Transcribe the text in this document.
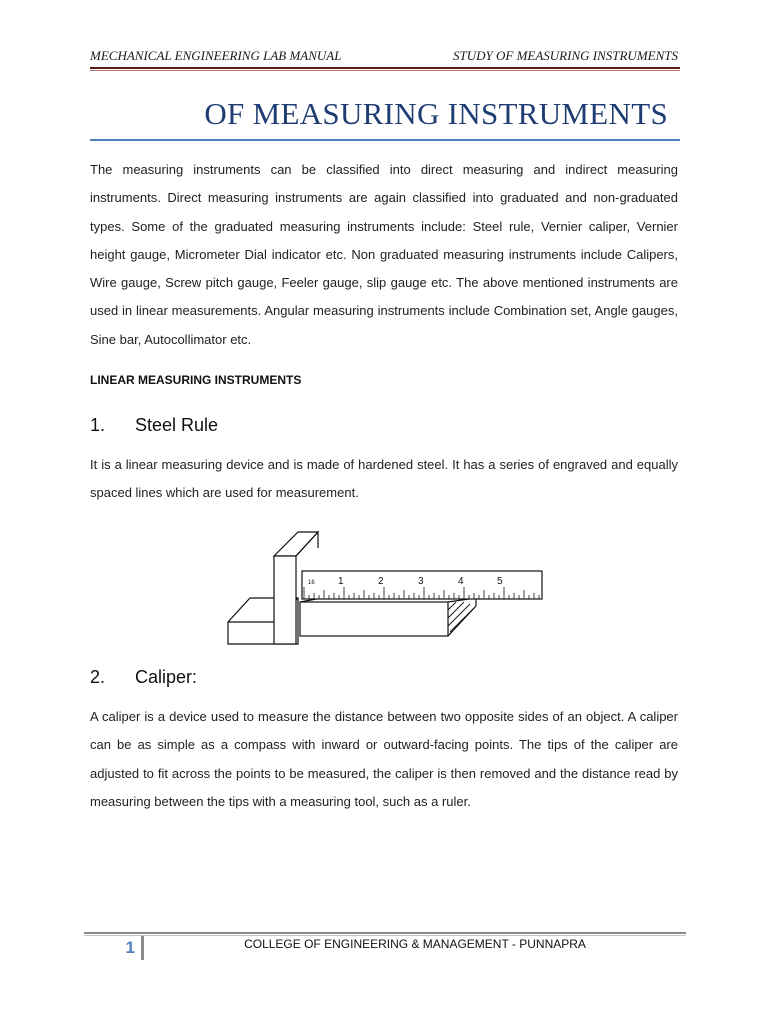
MECHANICAL ENGINEERING LAB MANUAL	STUDY OF MEASURING INSTRUMENTS
OF MEASURING INSTRUMENTS
The measuring instruments can be classified into direct measuring and indirect measuring instruments. Direct measuring instruments are again classified into graduated and non-graduated types. Some of the graduated measuring instruments include: Steel rule, Vernier caliper, Vernier height gauge, Micrometer Dial indicator etc. Non graduated measuring instruments include Calipers, Wire gauge, Screw pitch gauge, Feeler gauge, slip gauge etc. The above mentioned instruments are used in linear measurements. Angular measuring instruments include Combination set, Angle gauges, Sine bar, Autocollimator etc.
LINEAR MEASURING INSTRUMENTS
1. Steel Rule
It is a linear measuring device and is made of hardened steel. It has a series of engraved and equally spaced lines which are used for measurement.
16 1	2	3	4	5
2. Caliper:
A caliper is a device used to measure the distance between two opposite sides of an object. A caliper can be as simple as a compass with inward or outward-facing points. The tips of the caliper are adjusted to fit across the points to be measured, the caliper is then removed and the distance read by measuring between the tips with a measuring tool, such as a ruler.
1	COLLEGE OF ENGINEERING & MANAGEMENT - PUNNAPRA
